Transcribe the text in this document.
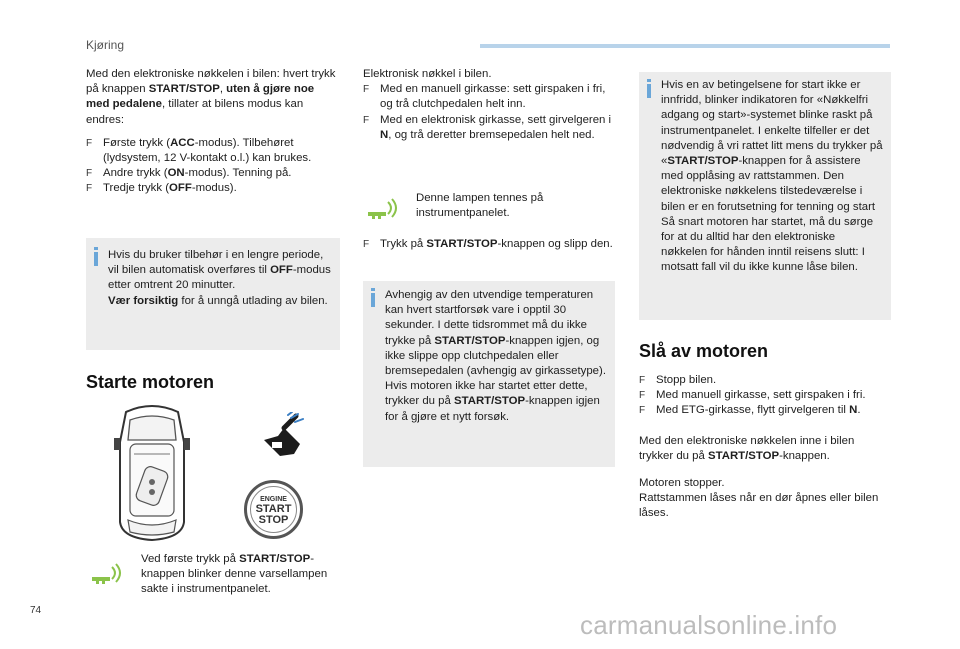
Kjøring

Med den elektroniske nøkkelen i bilen: hvert trykk på knappen START/STOP, uten å gjøre noe med pedalene, tillater at bilens modus kan endres:

F Første trykk (ACC-modus). Tilbehøret (lydsystem, 12 V-kontakt o.l.) kan brukes.
F Andre trykk (ON-modus). Tenning på.
F Tredje trykk (OFF-modus).

Hvis du bruker tilbehør i en lengre periode, vil bilen automatisk overføres til OFF-modus etter omtrent 20 minutter.
Vær forsiktig for å unngå utlading av bilen.

Starte motoren
ENGINE
START
STOP

Ved første trykk på START/STOP-knappen blinker denne varsellampen sakte i instrumentpanelet.

Elektronisk nøkkel i bilen.

F Med en manuell girkasse: sett girspaken i fri, og trå clutchpedalen helt inn.
F Med en elektronisk girkasse, sett girvelgeren i N, og trå deretter bremsepedalen helt ned.

Denne lampen tennes på instrumentpanelet.

F Trykk på START/STOP-knappen og slipp den.

Avhengig av den utvendige temperaturen kan hvert startforsøk vare i opptil 30 sekunder. I dette tidsrommet må du ikke trykke på START/STOP-knappen igjen, og ikke slippe opp clutchpedalen eller bremsepedalen (avhengig av girkassetype).
Hvis motoren ikke har startet etter dette, trykker du på START/STOP-knappen igjen for å gjøre et nytt forsøk.

Hvis en av betingelsene for start ikke er innfridd, blinker indikatoren for «Nøkkelfri adgang og start»-systemet blinke raskt på instrumentpanelet. I enkelte tilfeller er det nødvendig å vri rattet litt mens du trykker på «START/STOP-knappen for å assistere med opplåsing av rattstammen. Den elektroniske nøkkelens tilstedeværelse i bilen er en forutsetning for tenning og start Så snart motoren har startet, må du sørge for at du alltid har den elektroniske nøkkelen for hånden inntil reisens slutt: I motsatt fall vil du ikke kunne låse bilen.

Slå av motoren
F Stopp bilen.
F Med manuell girkasse, sett girspaken i fri.
F Med ETG-girkasse, flytt girvelgeren til N.

Med den elektroniske nøkkelen inne i bilen trykker du på START/STOP-knappen.

Motoren stopper.

Rattstammen låses når en dør åpnes eller bilen låses.

74	carmanualsonline.info
